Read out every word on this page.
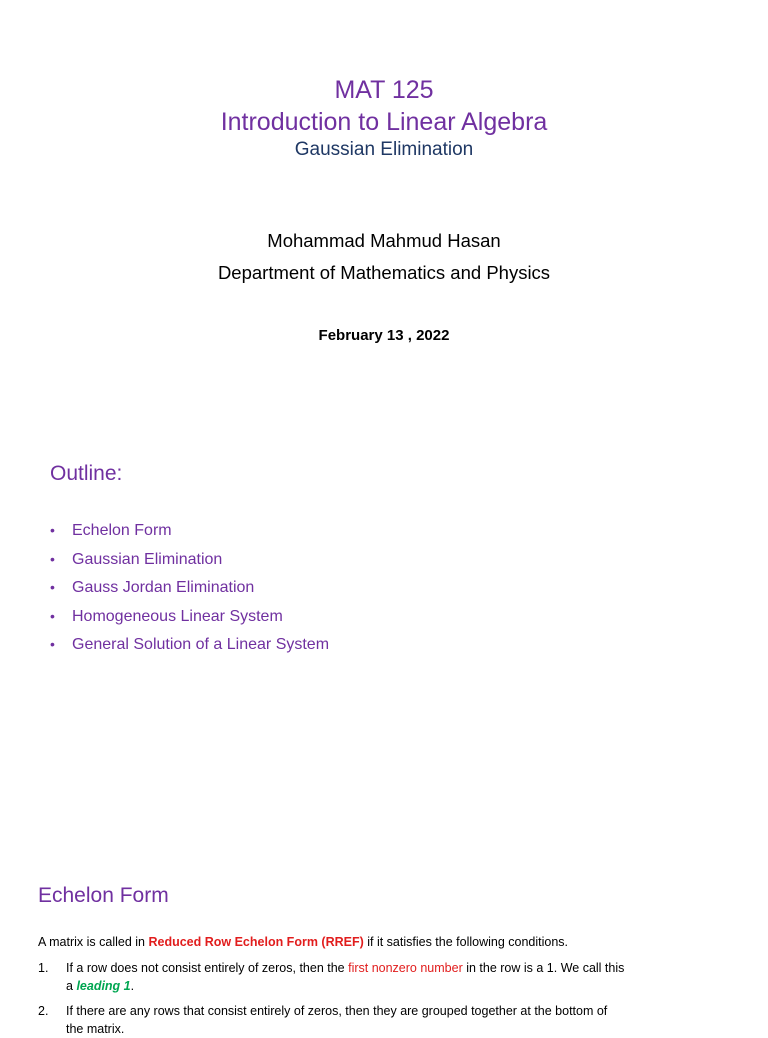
MAT 125
Introduction to Linear Algebra
Gaussian Elimination
Mohammad Mahmud Hasan
Department of Mathematics and Physics
February 13 , 2022
Outline:
• Echelon Form
• Gaussian Elimination
• Gauss Jordan Elimination
• Homogeneous Linear System
• General Solution of a Linear System
Echelon Form
A matrix is called in Reduced Row Echelon Form (RREF) if it satisfies the following conditions.
1. If a row does not consist entirely of zeros, then the first nonzero number in the row is a 1. We call this
a leading 1.
2. If there are any rows that consist entirely of zeros, then they are grouped together at the bottom of
the matrix.
